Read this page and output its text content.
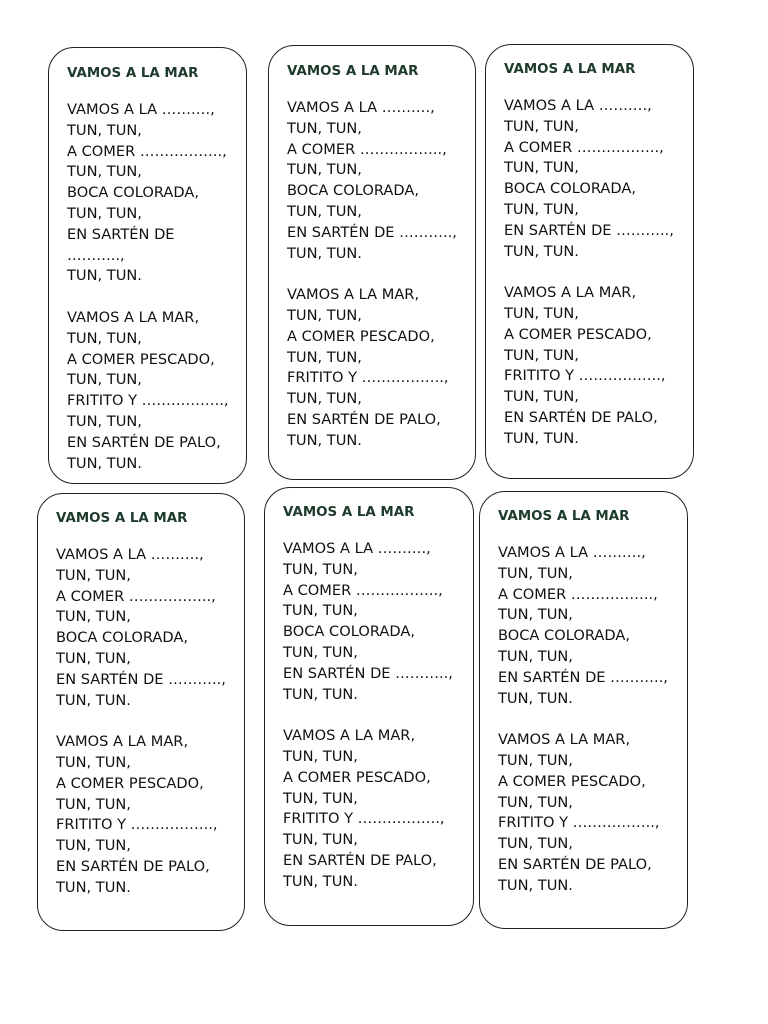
VAMOS A LA MAR
VAMOS A LA ……….,
TUN, TUN,
A COMER ……………..,
TUN, TUN,
BOCA COLORADA,
TUN, TUN,
EN SARTÉN DE
………..,
TUN, TUN.
VAMOS A LA MAR,
TUN, TUN,
A COMER PESCADO,
TUN, TUN,
FRITITO Y ……………..,
TUN, TUN,
EN SARTÉN DE PALO,
TUN, TUN.
VAMOS A LA MAR
VAMOS A LA ……….,
TUN, TUN,
A COMER ……………..,
TUN, TUN,
BOCA COLORADA,
TUN, TUN,
EN SARTÉN DE ………..,
TUN, TUN.
VAMOS A LA MAR,
TUN, TUN,
A COMER PESCADO,
TUN, TUN,
FRITITO Y ……………..,
TUN, TUN,
EN SARTÉN DE PALO,
TUN, TUN.
VAMOS A LA MAR
VAMOS A LA ……….,
TUN, TUN,
A COMER ……………..,
TUN, TUN,
BOCA COLORADA,
TUN, TUN,
EN SARTÉN DE ………..,
TUN, TUN.
VAMOS A LA MAR,
TUN, TUN,
A COMER PESCADO,
TUN, TUN,
FRITITO Y ……………..,
TUN, TUN,
EN SARTÉN DE PALO,
TUN, TUN.
VAMOS A LA MAR
VAMOS A LA ……….,
TUN, TUN,
A COMER ……………..,
TUN, TUN,
BOCA COLORADA,
TUN, TUN,
EN SARTÉN DE ………..,
TUN, TUN.
VAMOS A LA MAR,
TUN, TUN,
A COMER PESCADO,
TUN, TUN,
FRITITO Y ……………..,
TUN, TUN,
EN SARTÉN DE PALO,
TUN, TUN.
VAMOS A LA MAR
VAMOS A LA ……….,
TUN, TUN,
A COMER ……………..,
TUN, TUN,
BOCA COLORADA,
TUN, TUN,
EN SARTÉN DE ………..,
TUN, TUN.
VAMOS A LA MAR,
TUN, TUN,
A COMER PESCADO,
TUN, TUN,
FRITITO Y ……………..,
TUN, TUN,
EN SARTÉN DE PALO,
TUN, TUN.
VAMOS A LA MAR
VAMOS A LA ……….,
TUN, TUN,
A COMER ……………..,
TUN, TUN,
BOCA COLORADA,
TUN, TUN,
EN SARTÉN DE ………..,
TUN, TUN.
VAMOS A LA MAR,
TUN, TUN,
A COMER PESCADO,
TUN, TUN,
FRITITO Y ……………..,
TUN, TUN,
EN SARTÉN DE PALO,
TUN, TUN.
